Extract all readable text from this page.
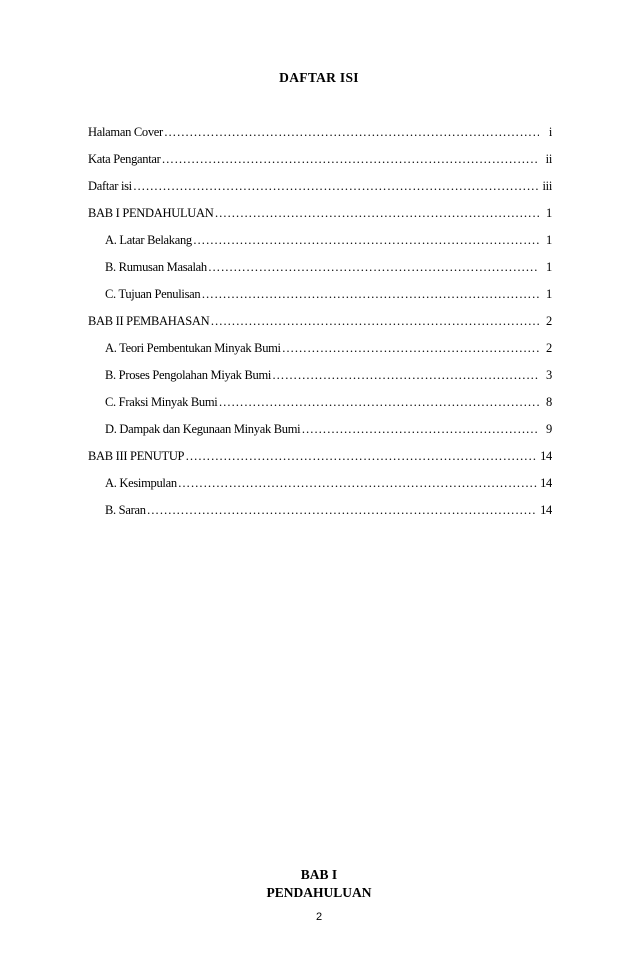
DAFTAR ISI
Halaman Cover …………………………………………………………………………………………………………………………………………………………………………………………	i
Kata Pengantar …………………………………………………………………………………………………………………………………………………………………………………………	ii
Daftar isi …………………………………………………………………………………………………………………………………………………………………………………………	iii
BAB I PENDAHULUAN …………………………………………………………………………………………………………………………………………………………………………………………	1
A. Latar Belakang …………………………………………………………………………………………………………………………………………………………………………………………	1
B. Rumusan Masalah …………………………………………………………………………………………………………………………………………………………………………………………	1
C. Tujuan Penulisan …………………………………………………………………………………………………………………………………………………………………………………………	1
BAB II PEMBAHASAN …………………………………………………………………………………………………………………………………………………………………………………………	2
A. Teori Pembentukan Minyak Bumi …………………………………………………………………………………………………………………………………………………………………………………………	2
B. Proses Pengolahan Miyak Bumi …………………………………………………………………………………………………………………………………………………………………………………………	3
C. Fraksi Minyak Bumi …………………………………………………………………………………………………………………………………………………………………………………………	8
D. Dampak dan Kegunaan Minyak Bumi …………………………………………………………………………………………………………………………………………………………………………………………	9
BAB III PENUTUP …………………………………………………………………………………………………………………………………………………………………………………………	14
A. Kesimpulan …………………………………………………………………………………………………………………………………………………………………………………………	14
B. Saran …………………………………………………………………………………………………………………………………………………………………………………………	14
BAB I
PENDAHULUAN
2
